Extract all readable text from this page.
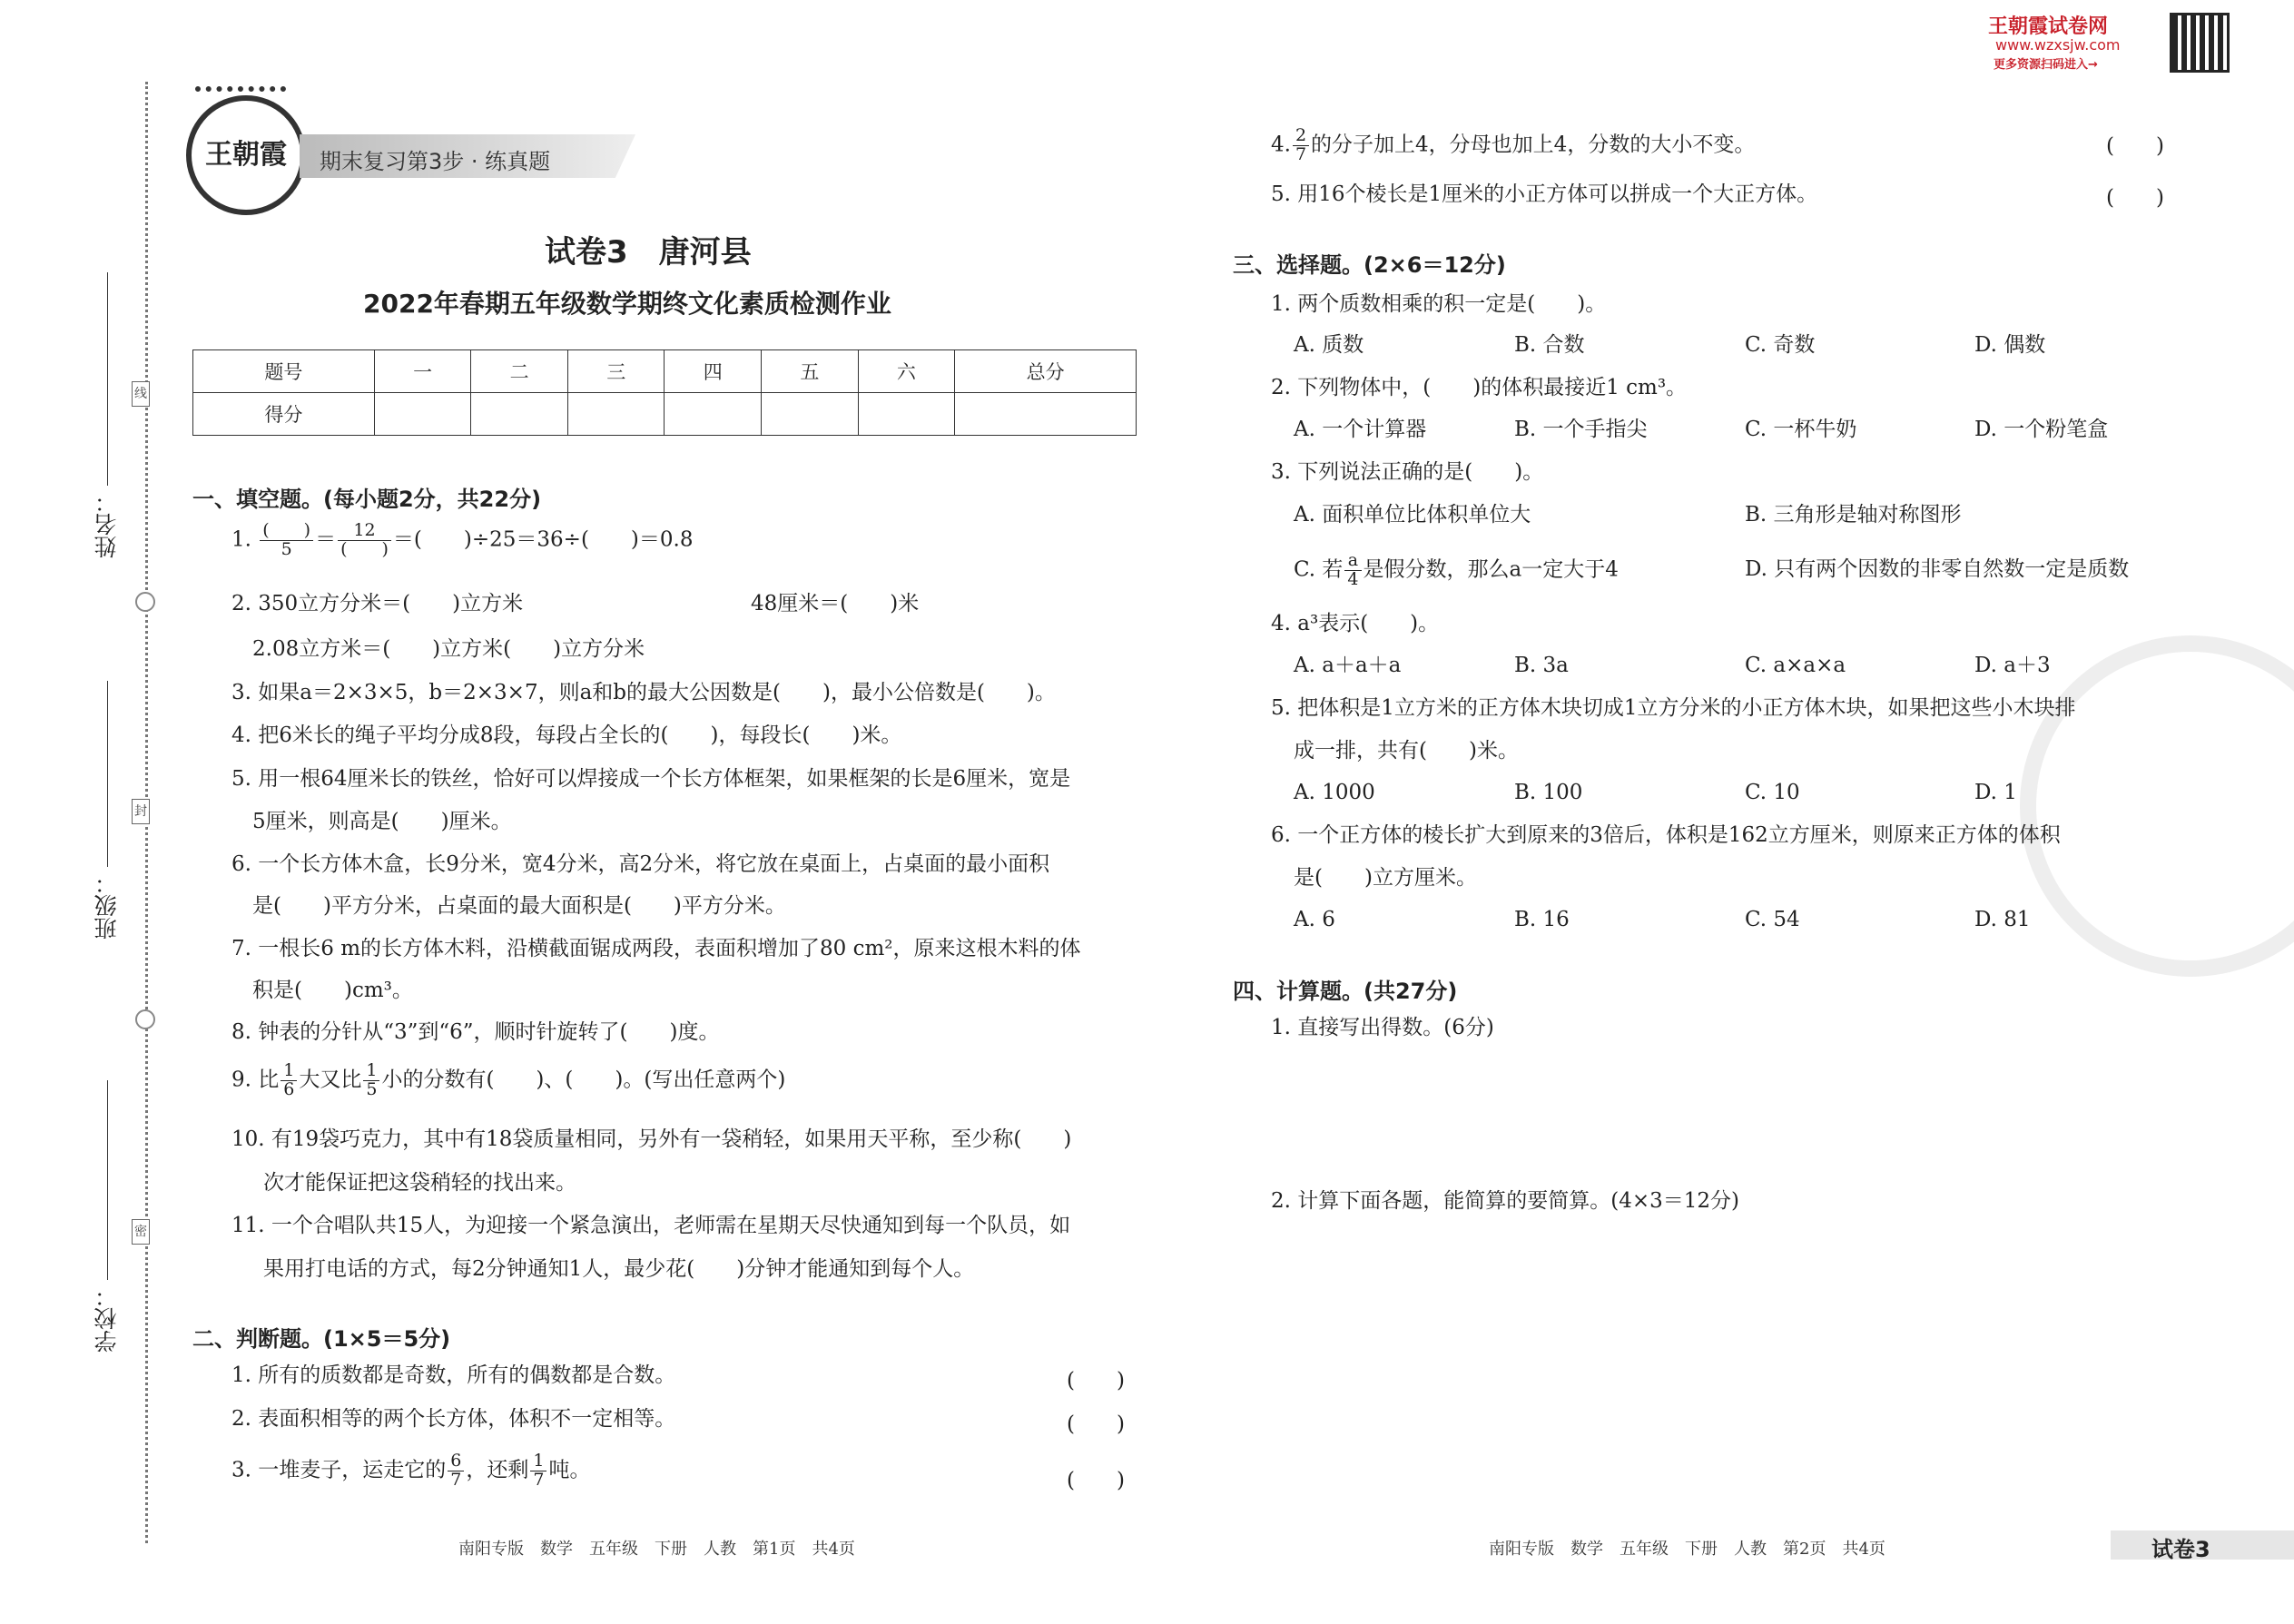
王朝霞试卷网
www.wzxsjw.com
更多资源扫码进入→
线
封
密
姓名：
班级：
学校：
王朝霞	期末复习第3步 · 练真题
试卷3　唐河县
2022年春期五年级数学期终文化素质检测作业
题号	一	二	三	四	五	六	总分
得分							
一、填空题。(每小题2分，共22分)
1. (　　)
5	＝	12
(　　) ＝(　　)÷25＝36÷(　　)＝0.8
2. 350立方分米＝(　　)立方米	48厘米＝(　　)米
2.08立方米＝(　　)立方米(　　)立方分米
3. 如果a＝2×3×5，b＝2×3×7，则a和b的最大公因数是(　　)，最小公倍数是(　　)。
4. 把6米长的绳子平均分成8段，每段占全长的(　　)，每段长(　　)米。
5. 用一根64厘米长的铁丝，恰好可以焊接成一个长方体框架，如果框架的长是6厘米，宽是
5厘米，则高是(　　)厘米。
6. 一个长方体木盒，长9分米，宽4分米，高2分米，将它放在桌面上，占桌面的最小面积
是(　　)平方分米，占桌面的最大面积是(　　)平方分米。
7. 一根长6 m的长方体木料，沿横截面锯成两段，表面积增加了80 cm²，原来这根木料的体
积是(　　)cm³。
8. 钟表的分针从“3”到“6”，顺时针旋转了(　　)度。
9. 比 $\frac{1}{6}$ 大又比 $\frac{1}{5}$ 小的分数有(　　)、(　　)。(写出任意两个)
10. 有19袋巧克力，其中有18袋质量相同，另外有一袋稍轻，如果用天平称，至少称(　　)
次才能保证把这袋稍轻的找出来。
11. 一个合唱队共15人，为迎接一个紧急演出，老师需在星期天尽快通知到每一个队员，如
果用打电话的方式，每2分钟通知1人，最少花(　　)分钟才能通知到每个人。
二、判断题。(1×5＝5分)
1. 所有的质数都是奇数，所有的偶数都是合数。	(　　)
2. 表面积相等的两个长方体，体积不一定相等。	(　　)
3. 一堆麦子，运走它的 $\frac{6}{7}$ ，还剩 $\frac{1}{7}$ 吨。	(　　)
南阳专版　数学　五年级　下册　人教　第1页　共4页
4. $\frac{2}{7}$ 的分子加上4，分母也加上4，分数的大小不变。	(　　)
5. 用16个棱长是1厘米的小正方体可以拼成一个大正方体。	(　　)
三、选择题。(2×6＝12分)
1. 两个质数相乘的积一定是(　　)。
A. 质数	B. 合数	C. 奇数	D. 偶数
2. 下列物体中，(　　)的体积最接近1 cm³。
A. 一个计算器	B. 一个手指尖	C. 一杯牛奶	D. 一个粉笔盒
3. 下列说法正确的是(　　)。
A. 面积单位比体积单位大	B. 三角形是轴对称图形
C. 若 $\frac{a}{4}$ 是假分数，那么a一定大于4	D. 只有两个因数的非零自然数一定是质数
4. a³表示(　　)。
A. a＋a＋a	B. 3a	C. a×a×a	D. a＋3
5. 把体积是1立方米的正方体木块切成1立方分米的小正方体木块，如果把这些小木块排
成一排，共有(　　)米。
A. 1000	B. 100	C. 10	D. 1
6. 一个正方体的棱长扩大到原来的3倍后，体积是162立方厘米，则原来正方体的体积
是(　　)立方厘米。
A. 6	B. 16	C. 54	D. 81
四、计算题。(共27分)
1. 直接写出得数。(6分)
2. 计算下面各题，能简算的要简算。(4×3＝12分)
南阳专版　数学　五年级　下册　人教　第2页　共4页	试卷3
